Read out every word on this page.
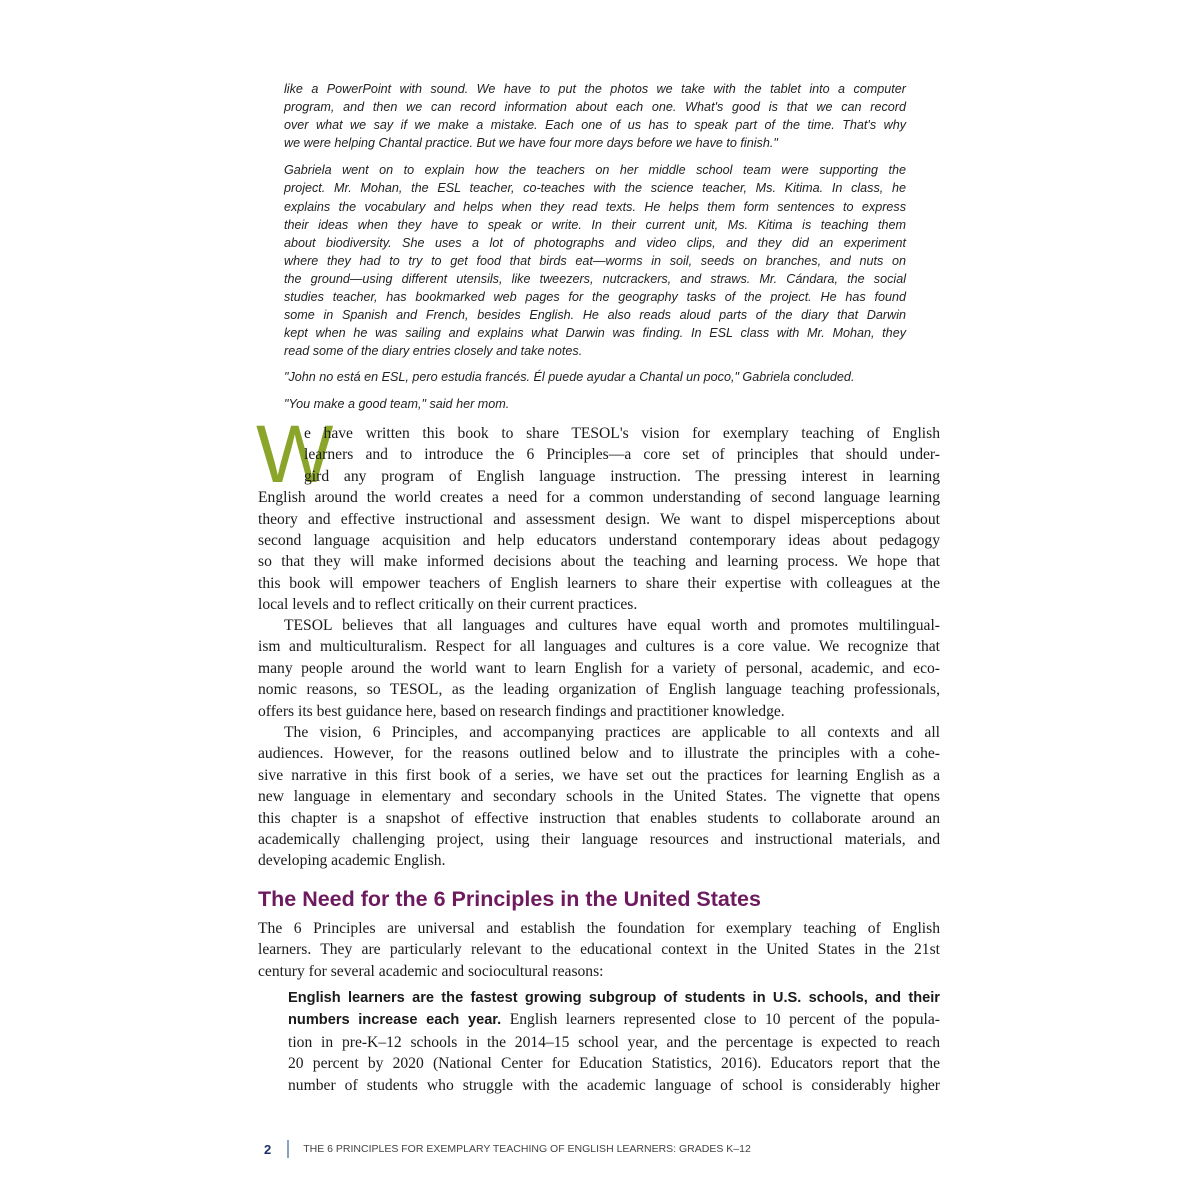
like a PowerPoint with sound. We have to put the photos we take with the tablet into a computer
program, and then we can record information about each one. What's good is that we can record
over what we say if we make a mistake. Each one of us has to speak part of the time. That's why
we were helping Chantal practice. But we have four more days before we have to finish."
Gabriela went on to explain how the teachers on her middle school team were supporting the
project. Mr. Mohan, the ESL teacher, co-teaches with the science teacher, Ms. Kitima. In class, he
explains the vocabulary and helps when they read texts. He helps them form sentences to express
their ideas when they have to speak or write. In their current unit, Ms. Kitima is teaching them
about biodiversity. She uses a lot of photographs and video clips, and they did an experiment
where they had to try to get food that birds eat—worms in soil, seeds on branches, and nuts on
the ground—using different utensils, like tweezers, nutcrackers, and straws. Mr. Cándara, the social
studies teacher, has bookmarked web pages for the geography tasks of the project. He has found
some in Spanish and French, besides English. He also reads aloud parts of the diary that Darwin
kept when he was sailing and explains what Darwin was finding. In ESL class with Mr. Mohan, they
read some of the diary entries closely and take notes.
"John no está en ESL, pero estudia francés. Él puede ayudar a Chantal un poco," Gabriela concluded.
"You make a good team," said her mom.
W
e have written this book to share TESOL's vision for exemplary teaching of English
learners and to introduce the 6 Principles—a core set of principles that should under-
gird any program of English language instruction. The pressing interest in learning
English around the world creates a need for a common understanding of second language learning
theory and effective instructional and assessment design. We want to dispel misperceptions about
second language acquisition and help educators understand contemporary ideas about pedagogy
so that they will make informed decisions about the teaching and learning process. We hope that
this book will empower teachers of English learners to share their expertise with colleagues at the
local levels and to reflect critically on their current practices.
TESOL believes that all languages and cultures have equal worth and promotes multilingual-
ism and multiculturalism. Respect for all languages and cultures is a core value. We recognize that
many people around the world want to learn English for a variety of personal, academic, and eco-
nomic reasons, so TESOL, as the leading organization of English language teaching professionals,
offers its best guidance here, based on research findings and practitioner knowledge.
The vision, 6 Principles, and accompanying practices are applicable to all contexts and all
audiences. However, for the reasons outlined below and to illustrate the principles with a cohe-
sive narrative in this first book of a series, we have set out the practices for learning English as a
new language in elementary and secondary schools in the United States. The vignette that opens
this chapter is a snapshot of effective instruction that enables students to collaborate around an
academically challenging project, using their language resources and instructional materials, and
developing academic English.
The Need for the 6 Principles in the United States
The 6 Principles are universal and establish the foundation for exemplary teaching of English
learners. They are particularly relevant to the educational context in the United States in the 21st
century for several academic and sociocultural reasons:
English learners are the fastest growing subgroup of students in U.S. schools, and their
numbers increase each year. English learners represented close to 10 percent of the popula-
tion in pre-K–12 schools in the 2014–15 school year, and the percentage is expected to reach
20 percent by 2020 (National Center for Education Statistics, 2016). Educators report that the
number of students who struggle with the academic language of school is considerably higher
2	THE 6 PRINCIPLES FOR EXEMPLARY TEACHING OF ENGLISH LEARNERS: GRADES K–12
